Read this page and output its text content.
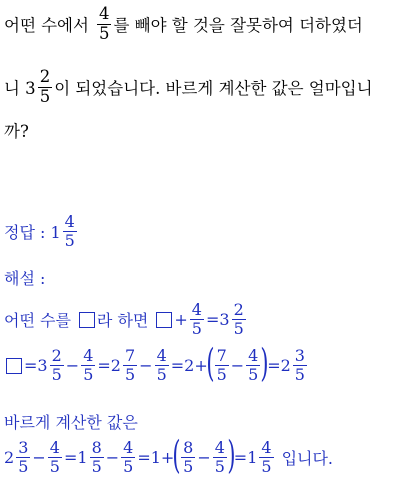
어떤 수에서 $\frac{4}{5}$ 를 빼야 할 것을 잘못하여 더하였더
니 $3 \frac{2}{5}$ 이 되었습니다. 바르게 계산한 값은 얼마입니
까?
정답 : $1 \frac{4}{5}$
해설 :
어떤 수를 라 하면 + $\frac{4}{5} =3 \frac{2}{5}$
$=3 \frac{2}{5} - \frac{4}{5} =2 \frac{7}{5} - \frac{4}{5} =2+$
( $\frac{7}{5} - \frac{4}{5}$ )
$=2 \frac{3}{5}$
바르게 계산한 값은
$2 \frac{3}{5} - \frac{4}{5} =1 \frac{8}{5} - \frac{4}{5} =1+$
( $\frac{8}{5} - \frac{4}{5}$ )
$=1 \frac{4}{5}$ 입니다.
